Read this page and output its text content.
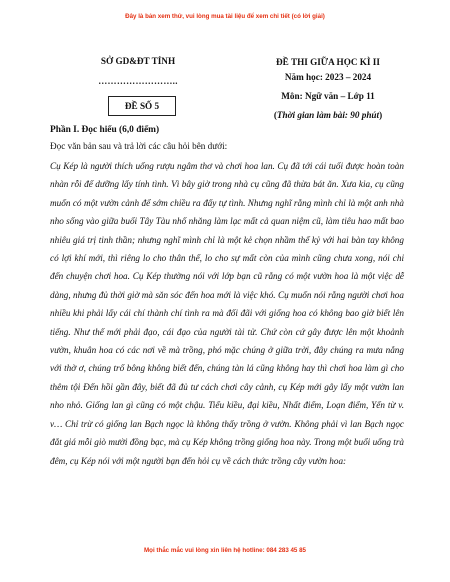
Đây là bản xem thử, vui lòng mua tài liệu để xem chi tiết (có lời giải)
SỞ GD&ĐT TỈNH
……………………..
ĐỀ SỐ 5
ĐỀ THI GIỮA HỌC KÌ II
Năm học: 2023 – 2024
Môn: Ngữ văn – Lớp 11
(Thời gian làm bài: 90 phút)
Phần I. Đọc hiểu (6,0 điểm)
Đọc văn bản sau và trả lời các câu hỏi bên dưới:
Cụ Kép là người thích uống rượu ngâm thơ và chơi hoa lan. Cụ đã tới cái tuổi được hoàn toàn nhàn rỗi để dưỡng lấy tính tình. Vì bây giờ trong nhà cụ cũng đã thừa bát ăn. Xưa kia, cụ cũng muốn có một vườn cảnh để sớm chiều ra đấy tự tình. Nhưng nghĩ rằng mình chỉ là một anh nhà nho sống vào giữa buổi Tây Tàu nhố nhăng làm lạc mất cả quan niệm cũ, làm tiêu hao mất bao nhiêu giá trị tinh thần; nhưng nghĩ mình chỉ là một kẻ chọn nhầm thế kỷ với hai bàn tay không có lợi khí mới, thì riêng lo cho thân thể, lo cho sự mất còn của mình cũng chưa xong, nói chi đến chuyện chơi hoa. Cụ Kép thường nói với lớp bạn cũ rằng có một vườn hoa là một việc dễ dàng, nhưng đủ thời giờ mà săn sóc đến hoa mới là việc khó. Cụ muốn nói rằng người chơi hoa nhiều khi phải lấy cái chí thành chí tình ra mà đối đãi với giống hoa có không bao giờ biết lên tiếng. Như thế mới phải đạo, cái đạo của người tài tử. Chứ còn cứ gây được lên một khoảnh vườn, khuân hoa có các nơi về mà trồng, phó mặc chúng ở giữa trời, đây chúng ra mưa nắng với thờ ơ, chúng trổ bông không biết đến, chúng tàn lá cũng không hay thì chơi hoa làm gì cho thêm tội Đến hồi gần đây, biết đã đủ tư cách chơi cây cảnh, cụ Kép mới gây lấy một vườn lan nho nhỏ. Giống lan gì cũng có một chậu. Tiểu kiều, đại kiều, Nhất điểm, Loạn điểm, Yến từ v. v… Chỉ trừ có giống lan Bạch ngọc là không thấy trồng ở vườn. Không phải vì lan Bạch ngọc đắt giá mỗi giò mười đồng bạc, mà cụ Kép không trồng giống hoa này. Trong một buổi uống trà đêm, cụ Kép nói với một người bạn đến hỏi cụ về cách thức trồng cây vườn hoa:
Mọi thắc mắc vui lòng xin liên hệ hotline: 084 283 45 85
